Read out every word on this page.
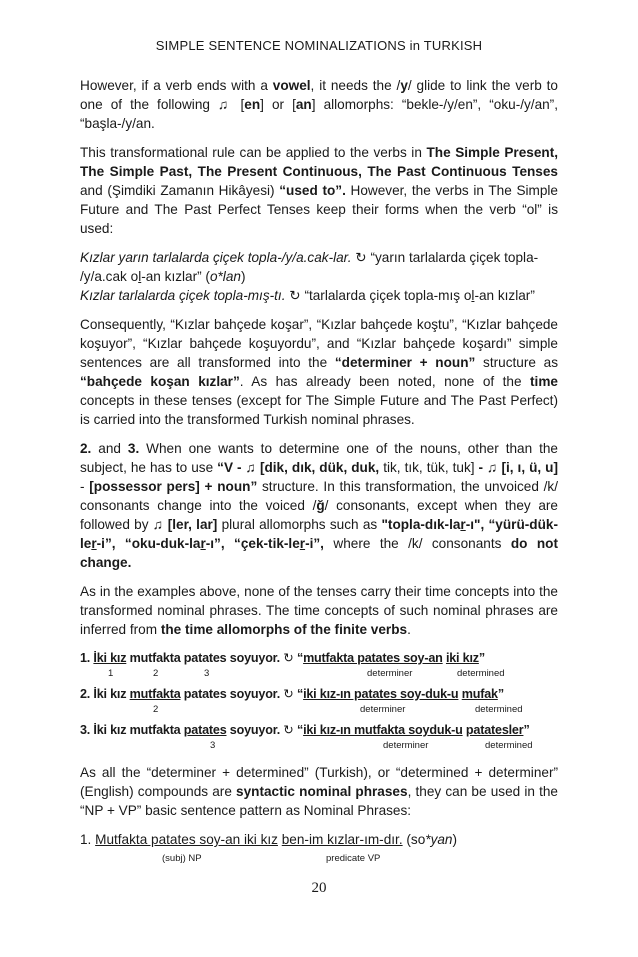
SIMPLE SENTENCE NOMINALIZATIONS in TURKISH

However, if a verb ends with a vowel, it needs the /y/ glide to link the verb to one of the following ♫ [en] or [an] allomorphs: “bekle-/y/en”, “oku-/y/an”, “başla-/y/an.

This transformational rule can be applied to the verbs in The Simple Present, The Simple Past, The Present Continuous, The Past Continuous Tenses and (Şimdiki Zamanın Hikâyesi) “used to”. However, the verbs in The Simple Future and The Past Perfect Tenses keep their forms when the verb “ol” is used:

Kızlar yarın tarlalarda çiçek topla-/y/a.cak-lar. ↻ “yarın tarlalarda çiçek topla-
/y/a.cak ol-an kızlar” (o*lan)
Kızlar tarlalarda çiçek topla-mış-tı. ↻ “tarlalarda çiçek topla-mış ol-an kızlar”

Consequently, “Kızlar bahçede koşar”, “Kızlar bahçede koştu”, “Kızlar bahçede koşuyor”, “Kızlar bahçede koşuyordu”, and “Kızlar bahçede koşardı” simple sentences are all transformed into the “determiner + noun” structure as “bahçede koşan kızlar”. As has already been noted, none of the time concepts in these tenses (except for The Simple Future and The Past Perfect) is carried into the transformed Turkish nominal phrases.

2. and 3. When one wants to determine one of the nouns, other than the subject, he has to use “V - ♫ [dik, dık, dük, duk, tik, tık, tük, tuk] - ♫ [i, ı, ü, u] - [possessor pers] + noun” structure. In this transformation, the unvoiced /k/ consonants change into the voiced /ğ/ consonants, except when they are followed by ♫ [ler, lar] plural allomorphs such as "topla-dık-lar-ı", “yürü-dük-ler-i”, “oku-duk-lar-ı”, “çek-tik-ler-i”, where the /k/ consonants do not change.

As in the examples above, none of the tenses carry their time concepts into the transformed nominal phrases. The time concepts of such nominal phrases are inferred from the time allomorphs of the finite verbs.

1. İki kız mutfakta patates soyuyor. ↻ “mutfakta patates soy-an iki kız”
1	2	3	determiner	determined
2. İki kız mutfakta patates soyuyor. ↻ “iki kız-ın patates soy-duk-u mufak”
2	determiner	determined
3. İki kız mutfakta patates soyuyor. ↻ “iki kız-ın mutfakta soyduk-u patatesler”
3	determiner	determined

As all the “determiner + determined” (Turkish), or “determined + determiner” (English) compounds are syntactic nominal phrases, they can be used in the “NP + VP” basic sentence pattern as Nominal Phrases:

1. Mutfakta patates soy-an iki kız ben-im kızlar-ım-dır. (so*yan)
(subj) NP	predicate VP
20
